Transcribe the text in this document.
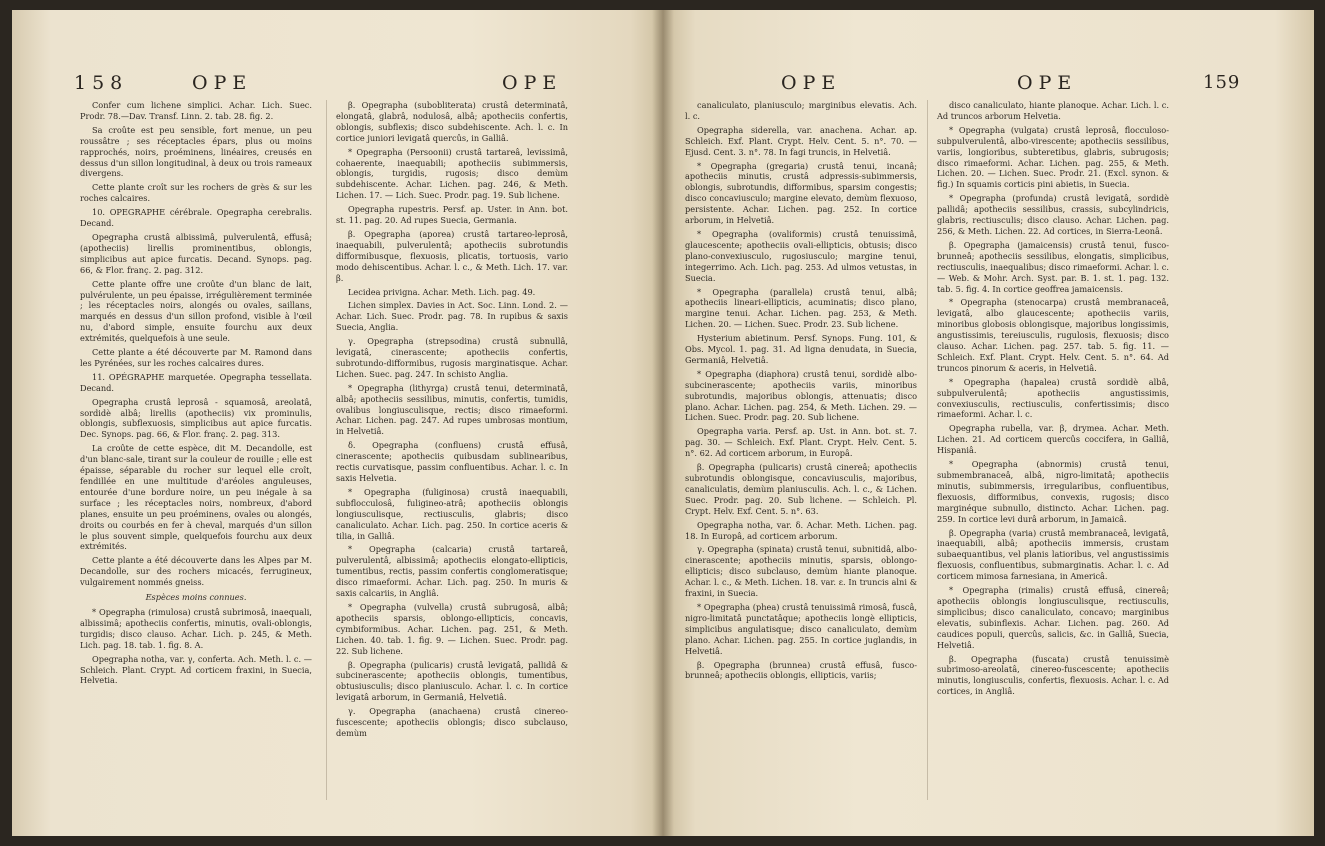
158	OPE	OPE

Confer cum lichene simplici. Achar. Lich. Suec. Prodr. 78.—Dav. Transf. Linn. 2. tab. 28. fig. 2.

Sa croûte est peu sensible, fort menue, un peu roussâtre ; ses réceptacles épars, plus ou moins rapprochés, noirs, proéminens, linéaires, creusés en dessus d'un sillon longitudinal, à deux ou trois rameaux divergens.

Cette plante croît sur les rochers de grès & sur les roches calcaires.

10. OPEGRAPHE cérébrale. Opegrapha cerebralis. Decand.

Opegrapha crustâ albissimâ, pulverulentâ, effusâ; (apotheciis) lirellis prominentibus, oblongis, simplicibus aut apice furcatis. Decand. Synops. pag. 66, & Flor. franç. 2. pag. 312.

Cette plante offre une croûte d'un blanc de lait, pulvérulente, un peu épaisse, irrégulièrement terminée ; les réceptacles noirs, alongés ou ovales, saillans, marqués en dessus d'un sillon profond, visible à l'œil nu, d'abord simple, ensuite fourchu aux deux extrémités, quelquefois à une seule.

Cette plante a été découverte par M. Ramond dans les Pyrénées, sur les roches calcaires dures.

11. OPÉGRAPHE marquetée. Opegrapha tessellata. Decand.

Opegrapha crustâ leprosâ - squamosâ, areolatâ, sordidè albâ; lirellis (apotheciis) vix prominulis, oblongis, subflexuosis, simplicibus aut apice furcatis. Dec. Synops. pag. 66, & Flor. franç. 2. pag. 313.

La croûte de cette espèce, dit M. Decandolle, est d'un blanc-sale, tirant sur la couleur de rouille ; elle est épaisse, séparable du rocher sur lequel elle croît, fendillée en une multitude d'aréoles anguleuses, entourée d'une bordure noire, un peu inégale à sa surface ; les réceptacles noirs, nombreux, d'abord planes, ensuite un peu proéminens, ovales ou alongés, droits ou courbés en fer à cheval, marqués d'un sillon le plus souvent simple, quelquefois fourchu aux deux extrémités.

Cette plante a été découverte dans les Alpes par M. Decandolle, sur des rochers micacés, ferrugineux, vulgairement nommés gneiss.

Espèces moins connues.

* Opegrapha (rimulosa) crustâ subrimosâ, inaequali, albissimâ; apotheciis confertis, minutis, ovali-oblongis, turgidis; disco clauso. Achar. Lich. p. 245, & Meth. Lich. pag. 18. tab. 1. fig. 8. A.

Opegrapha notha, var. γ, conferta. Ach. Meth. l. c. — Schleich. Plant. Crypt. Ad corticem fraxini, in Suecia, Helvetia.

β. Opegrapha (subobliterata) crustâ determinatâ, elongatâ, glabrâ, nodulosâ, albâ; apotheciis confertis, oblongis, subflexis; disco subdehiscente. Ach. l. c. In cortice juniori levigatâ quercûs, in Galliâ.

* Opegrapha (Persoonii) crustâ tartareâ, levissimâ, cohaerente, inaequabili; apotheciis subimmersis, oblongis, turgidis, rugosis; disco demùm subdehiscente. Achar. Lichen. pag. 246, & Meth. Lichen. 17. — Lich. Suec. Prodr. pag. 19. Sub lichene.

Opegrapha rupestris. Persf. ap. Uster. in Ann. bot. st. 11. pag. 20. Ad rupes Suecia, Germania.

β. Opegrapha (aporea) crustâ tartareo-leprosâ, inaequabili, pulverulentâ; apotheciis subrotundis difformibusque, flexuosis, plicatis, tortuosis, vario modo dehiscentibus. Achar. l. c., & Meth. Lich. 17. var. β.

Lecidea privigna. Achar. Meth. Lich. pag. 49.

Lichen simplex. Davies in Act. Soc. Linn. Lond. 2. — Achar. Lich. Suec. Prodr. pag. 78. In rupibus & saxis Suecia, Anglia.

γ. Opegrapha (strepsodina) crustâ subnullâ, levigatâ, cinerascente; apotheciis confertis, subrotundo-difformibus, rugosis marginatisque. Achar. Lichen. Suec. pag. 247. In schisto Anglia.

* Opegrapha (lithyrga) crustâ tenui, determinatâ, albâ; apotheciis sessilibus, minutis, confertis, tumidis, ovalibus longiusculisque, rectis; disco rimaeformi. Achar. Lichen. pag. 247. Ad rupes umbrosas montium, in Helvetiâ.

δ. Opegrapha (confluens) crustâ effusâ, cinerascente; apotheciis quibusdam sublinearibus, rectis curvatisque, passim confluentibus. Achar. l. c. In saxis Helvetia.

* Opegrapha (fuliginosa) crustâ inaequabili, subflocculosâ, fuligineo-atrâ; apotheciis oblongis longiusculisque, rectiusculis, glabris; disco canaliculato. Achar. Lich. pag. 250. In cortice aceris & tilia, in Galliâ.

* Opegrapha (calcaria) crustâ tartareâ, pulverulentâ, albissimâ; apotheciis elongato-ellipticis, tumentibus, rectis, passim confertis conglomeratisque; disco rimaeformi. Achar. Lich. pag. 250. In muris & saxis calcariis, in Angliâ.

* Opegrapha (vulvella) crustâ subrugosâ, albâ; apotheciis sparsis, oblongo-ellipticis, concavis, cymbiformibus. Achar. Lichen. pag. 251, & Meth. Lichen. 40. tab. 1. fig. 9. — Lichen. Suec. Prodr. pag. 22. Sub lichene.

β. Opegrapha (pulicaris) crustâ levigatâ, pallidâ & subcinerascente; apotheciis oblongis, tumentibus, obtusiusculis; disco planiusculo. Achar. l. c. In cortice levigatâ arborum, in Germaniâ, Helvetiâ.

γ. Opegrapha (anachaena) crustâ cinereo-fuscescente; apotheciis oblongis; disco subclauso, demùm

OPE	OPE	159

canaliculato, planiusculo; marginibus elevatis. Ach. l. c.

Opegrapha siderella, var. anachena. Achar. ap. Schleich. Exf. Plant. Crypt. Helv. Cent. 5. n°. 70. — Ejusd. Cent. 3. n°. 78. In fagi truncis, in Helvetiâ.

* Opegrapha (gregaria) crustâ tenui, incanâ; apotheciis minutis, crustâ adpressis-subimmersis, oblongis, subrotundis, difformibus, sparsim congestis; disco concaviusculo; margine elevato, demùm flexuoso, persistente. Achar. Lichen. pag. 252. In cortice arborum, in Helvetiâ.

* Opegrapha (ovaliformis) crustâ tenuissimâ, glaucescente; apotheciis ovali-ellipticis, obtusis; disco plano-convexiusculo, rugosiusculo; margine tenui, integerrimo. Ach. Lich. pag. 253. Ad ulmos vetustas, in Suecia.

* Opegrapha (parallela) crustâ tenui, albâ; apotheciis lineari-ellipticis, acuminatis; disco plano, margine tenui. Achar. Lichen. pag. 253, & Meth. Lichen. 20. — Lichen. Suec. Prodr. 23. Sub lichene.

Hysterium abietinum. Persf. Synops. Fung. 101, & Obs. Mycol. 1. pag. 31. Ad ligna denudata, in Suecia, Germaniâ, Helvetiâ.

* Opegrapha (diaphora) crustâ tenui, sordidè albo-subcinerascente; apotheciis variis, minoribus subrotundis, majoribus oblongis, attenuatis; disco plano. Achar. Lichen. pag. 254, & Meth. Lichen. 29. — Lichen. Suec. Prodr. pag. 20. Sub lichene.

Opegrapha varia. Persf. ap. Ust. in Ann. bot. st. 7. pag. 30. — Schleich. Exf. Plant. Crypt. Helv. Cent. 5. n°. 62. Ad corticem arborum, in Europâ.

β. Opegrapha (pulicaris) crustâ cinereâ; apotheciis subrotundis oblongisque, concaviusculis, majoribus, canaliculatis, demùm planiusculis. Ach. l. c., & Lichen. Suec. Prodr. pag. 20. Sub lichene. — Schleich. Pl. Crypt. Helv. Exf. Cent. 5. n°. 63.

Opegrapha notha, var. δ. Achar. Meth. Lichen. pag. 18. In Europâ, ad corticem arborum.

γ. Opegrapha (spinata) crustâ tenui, subnitidâ, albo-cinerascente; apotheciis minutis, sparsis, oblongo-ellipticis; disco subclauso, demùm hiante planoque. Achar. l. c., & Meth. Lichen. 18. var. ε. In truncis alni & fraxini, in Suecia.

* Opegrapha (phea) crustâ tenuissimâ rimosâ, fuscâ, nigro-limitatâ punctatâque; apotheciis longè ellipticis, simplicibus angulatisque; disco canaliculato, demùm plano. Achar. Lichen. pag. 255. In cortice juglandis, in Helvetiâ.

β. Opegrapha (brunnea) crustâ effusâ, fusco-brunneâ; apotheciis oblongis, ellipticis, variis;

disco canaliculato, hiante planoque. Achar. Lich. l. c. Ad truncos arborum Helvetia.

* Opegrapha (vulgata) crustâ leprosâ, flocculoso-subpulverulentâ, albo-virescente; apotheciis sessilibus, variis, longioribus, subteretibus, glabris, subrugosis; disco rimaeformi. Achar. Lichen. pag. 255, & Meth. Lichen. 20. — Lichen. Suec. Prodr. 21. (Excl. synon. & fig.) In squamis corticis pini abietis, in Suecia.

* Opegrapha (profunda) crustâ levigatâ, sordidè pallidâ; apotheciis sessilibus, crassis, subcylindricis, glabris, rectiusculis; disco clauso. Achar. Lichen. pag. 256, & Meth. Lichen. 22. Ad cortices, in Sierra-Leonâ.

β. Opegrapha (jamaicensis) crustâ tenui, fusco-brunneâ; apotheciis sessilibus, elongatis, simplicibus, rectiusculis, inaequalibus; disco rimaeformi. Achar. l. c. — Web. & Mohr. Arch. Syst. par. B. 1. st. 1. pag. 132. tab. 5. fig. 4. In cortice geoffrea jamaicensis.

* Opegrapha (stenocarpa) crustâ membranaceâ, levigatâ, albo glaucescente; apotheciis variis, minoribus globosis oblongisque, majoribus longissimis, angustissimis, tereiusculis, rugulosis, flexuosis; disco clauso. Achar. Lichen. pag. 257. tab. 5. fig. 11. — Schleich. Exf. Plant. Crypt. Helv. Cent. 5. n°. 64. Ad truncos pinorum & aceris, in Helvetiâ.

* Opegrapha (hapalea) crustâ sordidè albâ, subpulverulentâ; apotheciis angustissimis, convexiusculis, rectiusculis, confertissimis; disco rimaeformi. Achar. l. c.

Opegrapha rubella, var. β, drymea. Achar. Meth. Lichen. 21. Ad corticem quercûs coccifera, in Galliâ, Hispaniâ.

* Opegrapha (abnormis) crustâ tenui, submembranaceâ, albâ, nigro-limitatâ; apotheciis minutis, subimmersis, irregularibus, confluentibus, flexuosis, difformibus, convexis, rugosis; disco marginéque subnullo, distincto. Achar. Lichen. pag. 259. In cortice levi durâ arborum, in Jamaicâ.

β. Opegrapha (varia) crustâ membranaceâ, levigatâ, inaequabili, albâ; apotheciis immersis, crustam subaequantibus, vel planis latioribus, vel angustissimis flexuosis, confluentibus, submarginatis. Achar. l. c. Ad corticem mimosa farnesiana, in Americâ.

* Opegrapha (rimalis) crustâ effusâ, cinereâ; apotheciis oblongis longiusculisque, rectiusculis, simplicibus; disco canaliculato, concavo; marginibus elevatis, subinflexis. Achar. Lichen. pag. 260. Ad caudices populi, quercûs, salicis, &c. in Galliâ, Suecia, Helvetiâ.

β. Opegrapha (fuscata) crustâ tenuissimè subrimoso-areolatâ, cinereo-fuscescente; apotheciis minutis, longiusculis, confertis, flexuosis. Achar. l. c. Ad cortices, in Angliâ.
